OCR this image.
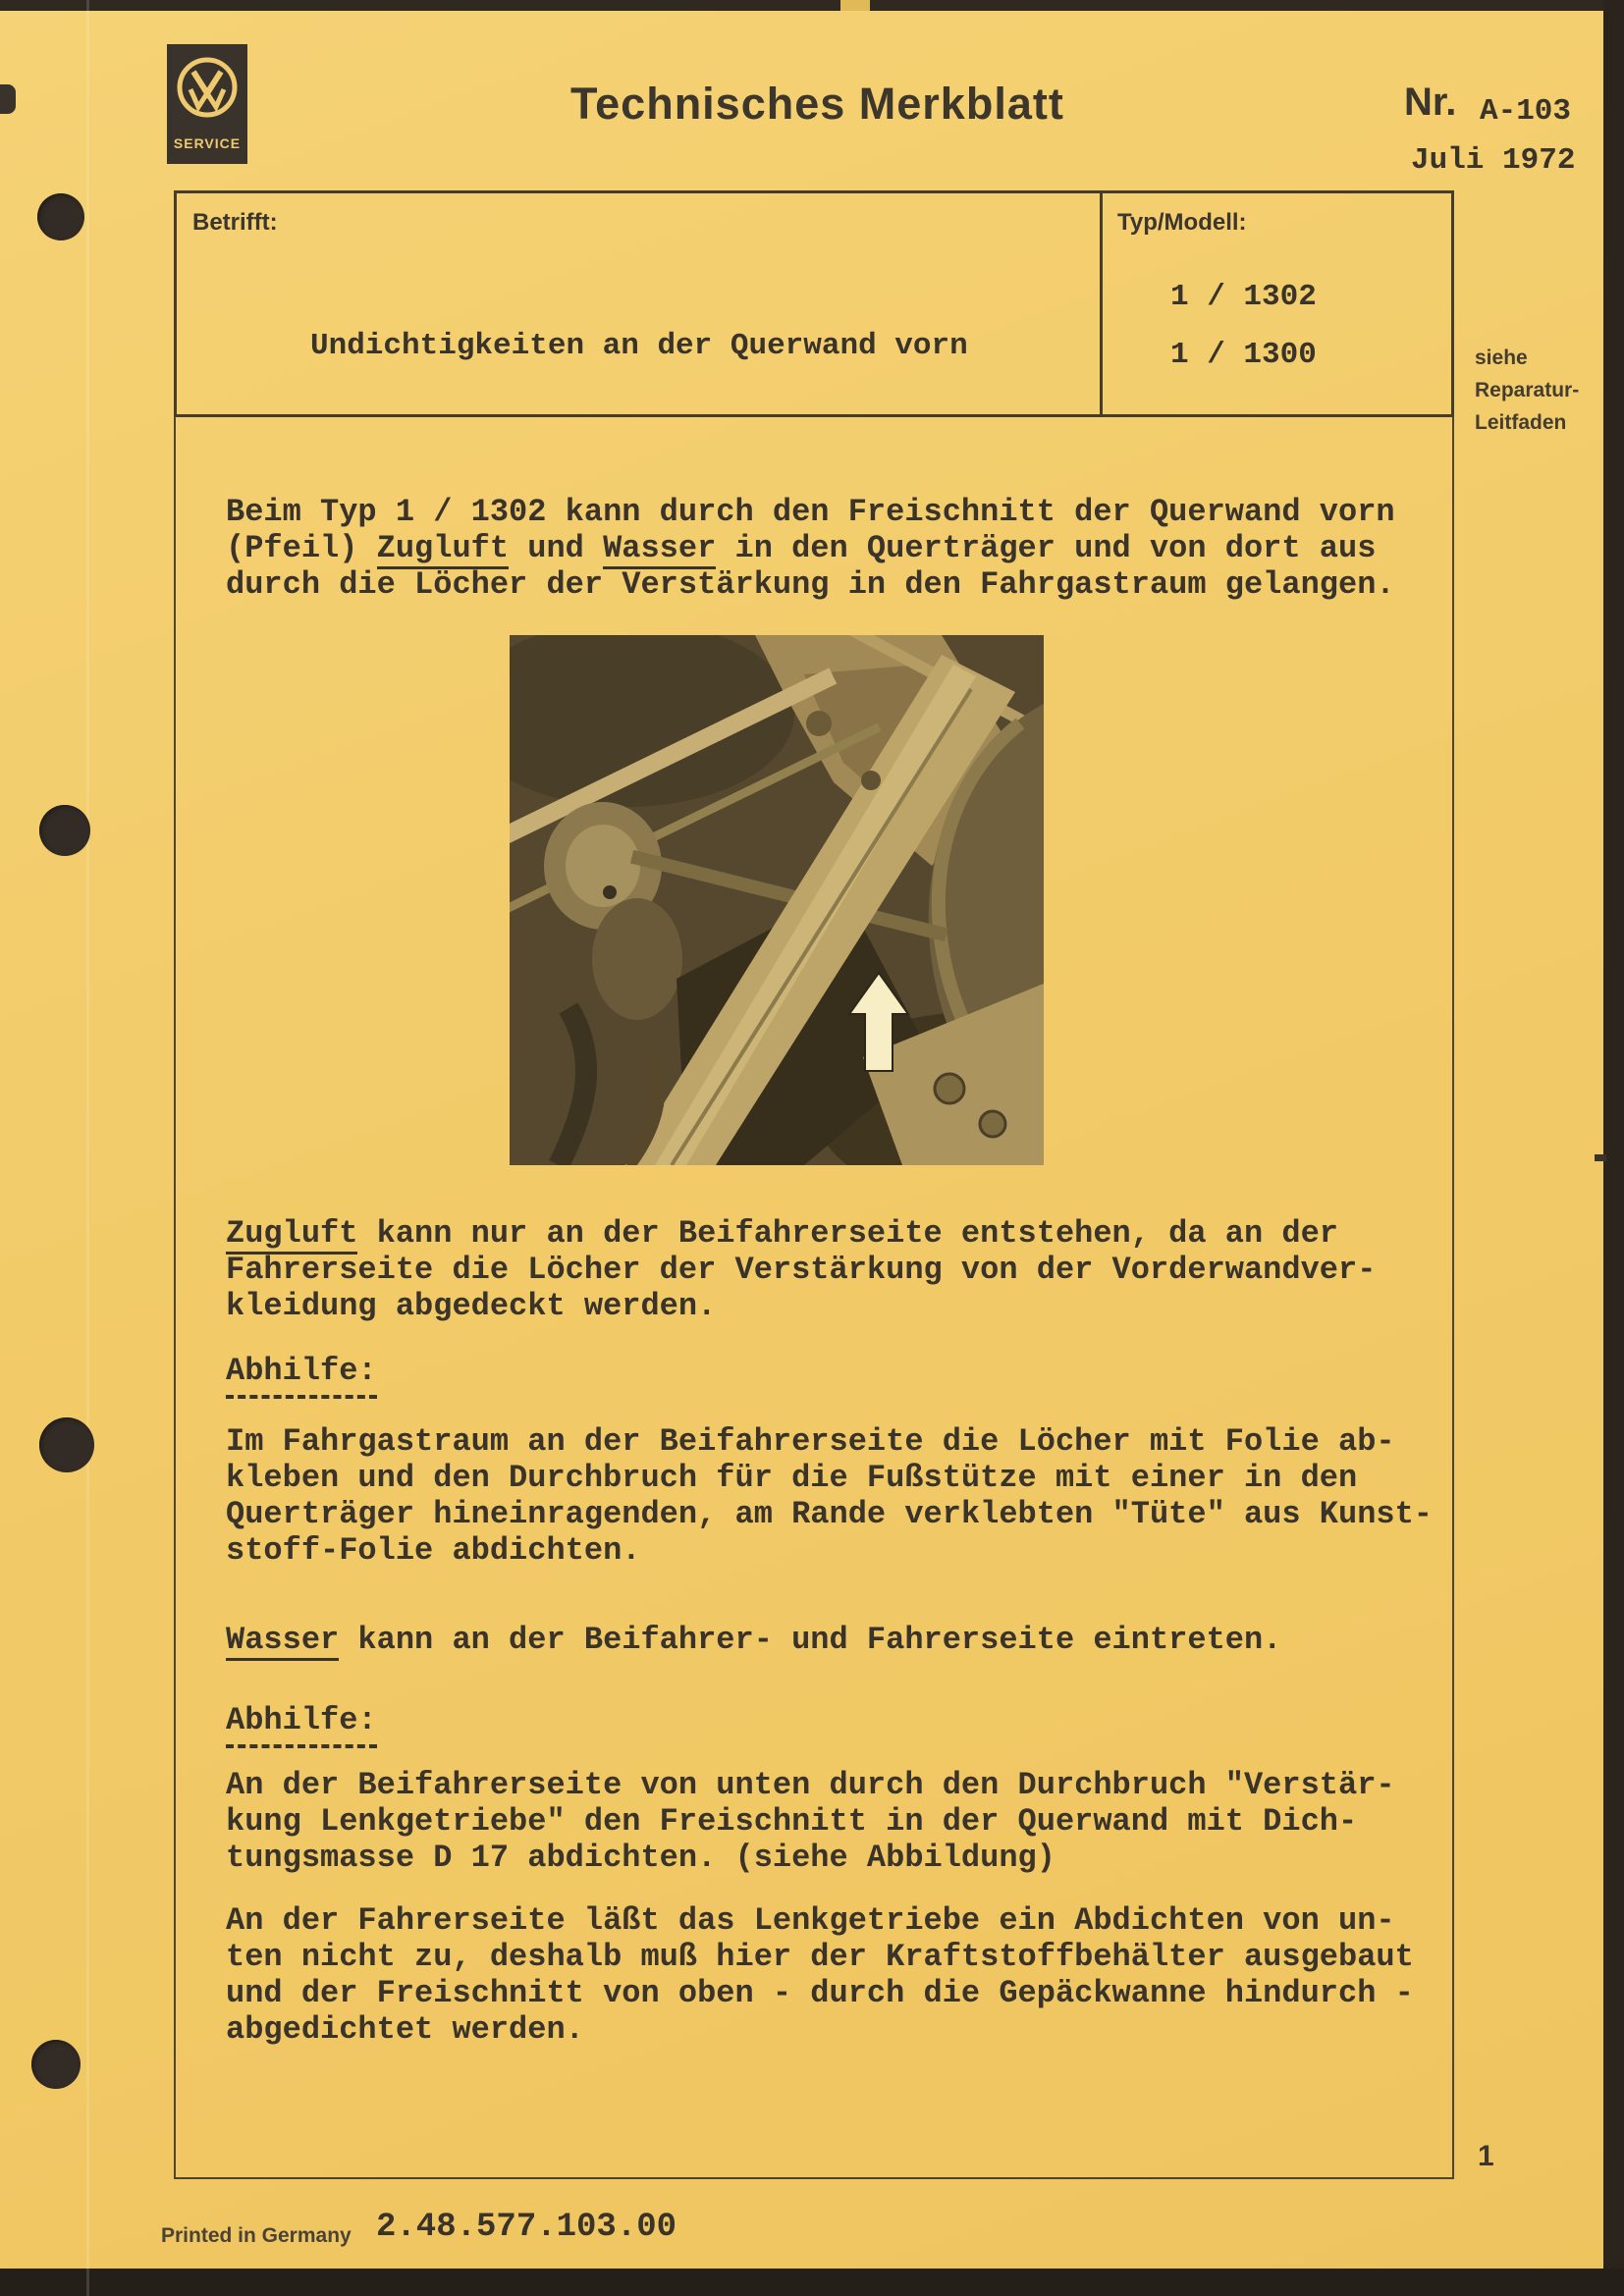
SERVICE
Technisches Merkblatt	Nr. A-103
Juli 1972
Betrifft:
Undichtigkeiten an der Querwand vorn
Typ/Modell:
1 / 1302
1 / 1300	siehe
Reparatur-
Leitfaden
Beim Typ 1 / 1302 kann durch den Freischnitt der Querwand vorn
(Pfeil) Zugluft und Wasser in den Querträger und von dort aus
durch die Löcher der Verstärkung in den Fahrgastraum gelangen.
Zugluft kann nur an der Beifahrerseite entstehen, da an der
Fahrerseite die Löcher der Verstärkung von der Vorderwandver-
kleidung abgedeckt werden.
Abhilfe:
Im Fahrgastraum an der Beifahrerseite die Löcher mit Folie ab-
kleben und den Durchbruch für die Fußstütze mit einer in den
Querträger hineinragenden, am Rande verklebten "Tüte" aus Kunst-
stoff-Folie abdichten.
Wasser kann an der Beifahrer- und Fahrerseite eintreten.
Abhilfe:
An der Beifahrerseite von unten durch den Durchbruch "Verstär-
kung Lenkgetriebe" den Freischnitt in der Querwand mit Dich-
tungsmasse D 17 abdichten. (siehe Abbildung)
An der Fahrerseite läßt das Lenkgetriebe ein Abdichten von un-
ten nicht zu, deshalb muß hier der Kraftstoffbehälter ausgebaut
und der Freischnitt von oben - durch die Gepäckwanne hindurch -
abgedichtet werden.
Printed in Germany 2.48.577.103.00
1
